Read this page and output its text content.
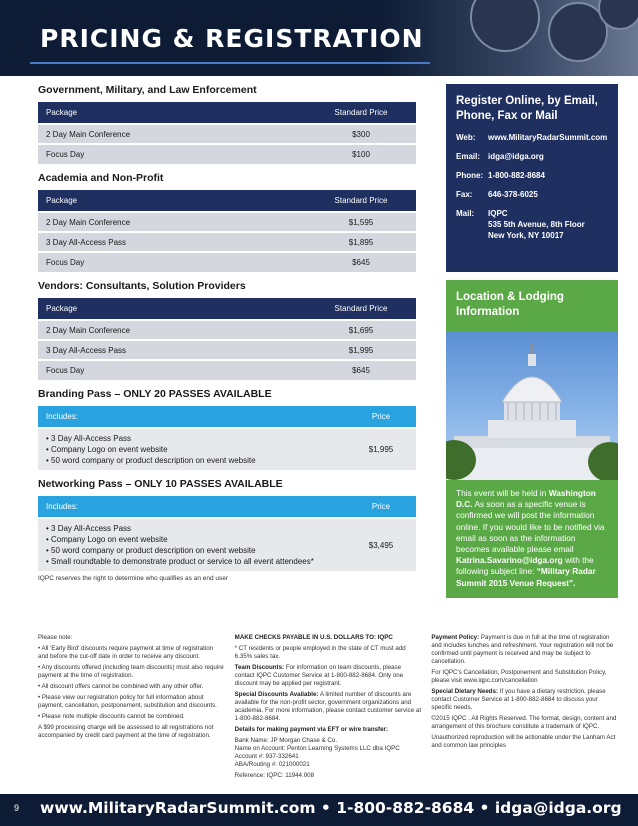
PRICING & REGISTRATION
Government, Military, and Law Enforcement
Package	Standard Price
2 Day Main Conference	$300
Focus Day	$100
Academia and Non-Profit
Package	Standard Price
2 Day Main Conference	$1,595
3 Day All-Access Pass	$1,895
Focus Day	$645
Vendors: Consultants, Solution Providers
Package	Standard Price
2 Day Main Conference	$1,695
3 Day All-Access Pass	$1,995
Focus Day	$645
Branding Pass – ONLY 20 PASSES AVAILABLE
Includes:	Price

• 3 Day All-Access Pass
• Company Logo on event website
• 50 word company or product description on event website	$1,995
Networking Pass – ONLY 10 PASSES AVAILABLE
Includes:	Price

• 3 Day All-Access Pass
• Company Logo on event website
• 50 word company or product description on event website
• Small roundtable to demonstrate product or service to all event attendees*	$3,495
IQPC reserves the right to determine who qualifies as an end user
Register Online, by Email, Phone, Fax or Mail
Web:	www.MilitaryRadarSummit.com
Email: idga@idga.org
Phone: 1-800-882-8684
Fax:	646-378-6025
Mail:	IQPC
535 5th Avenue, 8th Floor
New York, NY 10017
Location & Lodging Information
This event will be held in Washington D.C. As soon as a specific venue is confirmed we will post the information online. If you would like to be notified via email as soon as the information becomes available please email Katrina.Savarino@idga.org with the following subject line: “Military Radar Summit 2015 Venue Request”.

Please note:

• All 'Early Bird' discounts require payment at time of registration and before the cut-off date in order to receive any discount.

• Any discounts offered (including team discounts) must also require payment at the time of registration.

• All discount offers cannot be combined with any other offer.

• Please view our registration policy for full information about payment, cancellation, postponement, substitution and discounts.

• Please note multiple discounts cannot be combined.

A $99 processing charge will be assessed to all registrations not accompanied by credit card payment at the time of registration.

MAKE CHECKS PAYABLE IN U.S. DOLLARS TO: IQPC

* CT residents or people employed in the state of CT must add 6.35% sales tax.

Team Discounts: For information on team discounts, please contact IQPC Customer Service at 1-800-882-8684. Only one discount may be applied per registrant.

Special Discounts Available: A limited number of discounts are available for the non-profit sector, government organizations and academia. For more information, please contact customer service at 1-800-882-8684.

Details for making payment via EFT or wire transfer:

Bank Name: JP Morgan Chase & Co.
Name on Account: Penton Learning Systems LLC dba IQPC
Account #: 937-332641
ABA/Routing #: 021000021
Reference: IQPC: 11944.008

Payment Policy: Payment is due in full at the time of registration and includes lunches and refreshment. Your registration will not be confirmed until payment is received and may be subject to cancellation.

For IQPC's Cancellation, Postponement and Substitution Policy, please visit www.iqpc.com/cancellation

Special Dietary Needs: If you have a dietary restriction, please contact Customer Service at 1-800-882-8684 to discuss your specific needs.

©2015 IQPC . All Rights Reserved. The format, design, content and arrangement of this brochure constitute a trademark of IQPC.

Unauthorized reproduction will be actionable under the Lanham Act and common law principles

9 www.MilitaryRadarSummit.com • 1-800-882-8684 • idga@idga.org
